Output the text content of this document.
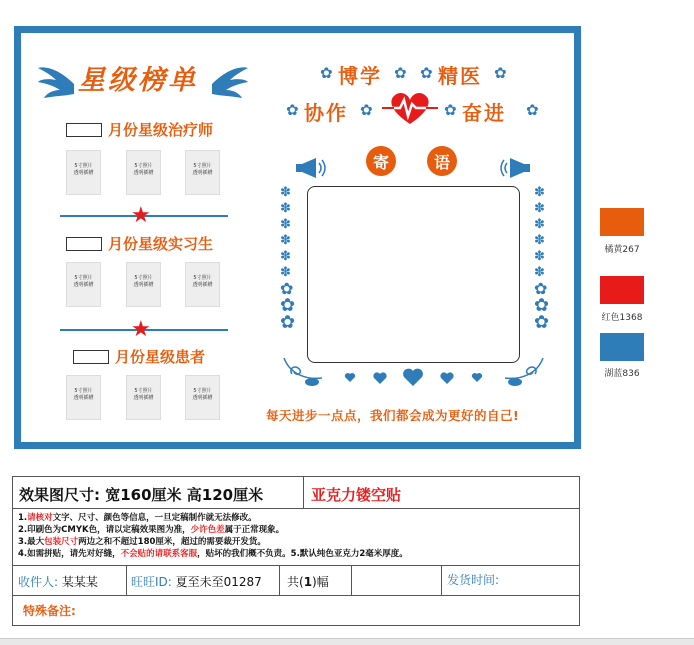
星级榜单
月份星级治疗师
5寸照片
透明插槽
5寸照片
透明插槽
5寸照片
透明插槽
★
月份星级实习生
5寸照片
透明插槽
5寸照片
透明插槽
5寸照片
透明插槽
★
月份星级患者
5寸照片
透明插槽
5寸照片
透明插槽
5寸照片
透明插槽
✿ 博学 ✿ ✿ 精医 ✿
✿ 协作 ✿	✿ 奋进 ✿
寄	语
✽
✽
✽
✽
✽
✽
✿
✿
✿
✽
✽
✽
✽
✽
✽
✿
✿
✿
每天进步一点点，我们都会成为更好的自己!
橘黄267
红色1368
湖蓝836
效果图尺寸: 宽160厘米 高120厘米	亚克力镂空贴
1.请核对文字、尺寸、颜色等信息，一旦定稿制作就无法修改。
2.印刷色为CMYK色，请以定稿效果图为准，少许色差属于正常现象。
3.最大包装尺寸两边之和不超过180厘米，超过的需要裁开发货。
4.如需拼贴，请先对好缝，不会贴的请联系客服，贴坏的我们概不负责。5.默认纯色亚克力2毫米厚度。
收件人: 某某某	旺旺ID: 夏至未至01287 共(1)幅	发货时间:
特殊备注:
